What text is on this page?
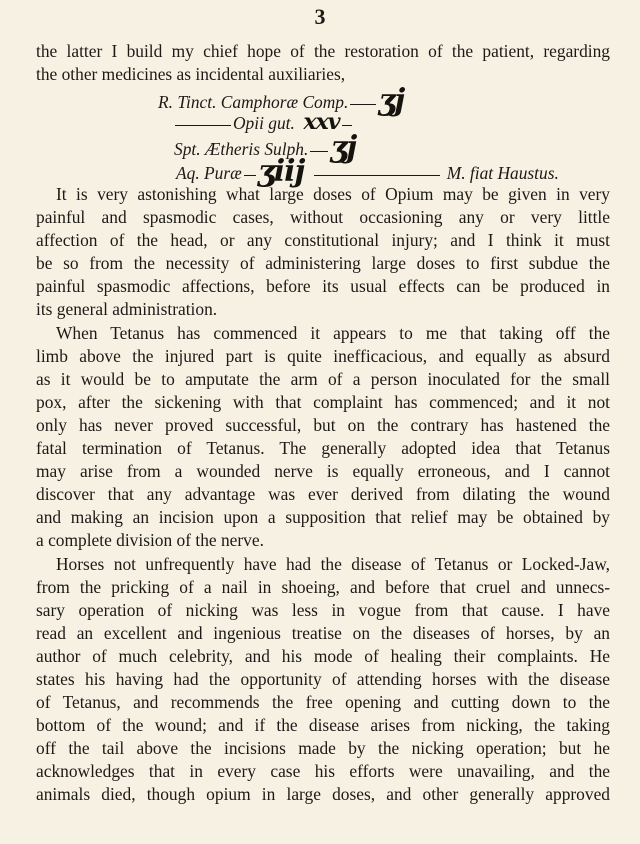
3
the latter I build my chief hope of the restoration of the patient, regarding
the other medicines as incidental auxiliaries,
R. Tinct. Camphoræ Comp. ʒj
Opii gut. xxv
Spt. Ætheris Sulph. ʒj
Aq. Puræ ʒiij	M. fiat Haustus.
It is very astonishing what large doses of Opium may be given in very
painful and spasmodic cases, without occasioning any or very little
affection of the head, or any constitutional injury; and I think it must
be so from the necessity of administering large doses to first subdue the
painful spasmodic affections, before its usual effects can be produced in
its general administration.
When Tetanus has commenced it appears to me that taking off the
limb above the injured part is quite inefficacious, and equally as absurd
as it would be to amputate the arm of a person inoculated for the small
pox, after the sickening with that complaint has commenced; and it not
only has never proved successful, but on the contrary has hastened the
fatal termination of Tetanus. The generally adopted idea that Tetanus
may arise from a wounded nerve is equally erroneous, and I cannot
discover that any advantage was ever derived from dilating the wound
and making an incision upon a supposition that relief may be obtained by
a complete division of the nerve.
Horses not unfrequently have had the disease of Tetanus or Locked-Jaw,
from the pricking of a nail in shoeing, and before that cruel and unnecs-
sary operation of nicking was less in vogue from that cause. I have
read an excellent and ingenious treatise on the diseases of horses, by an
author of much celebrity, and his mode of healing their complaints. He
states his having had the opportunity of attending horses with the disease
of Tetanus, and recommends the free opening and cutting down to the
bottom of the wound; and if the disease arises from nicking, the taking
off the tail above the incisions made by the nicking operation; but he
acknowledges that in every case his efforts were unavailing, and the
animals died, though opium in large doses, and other generally approved
